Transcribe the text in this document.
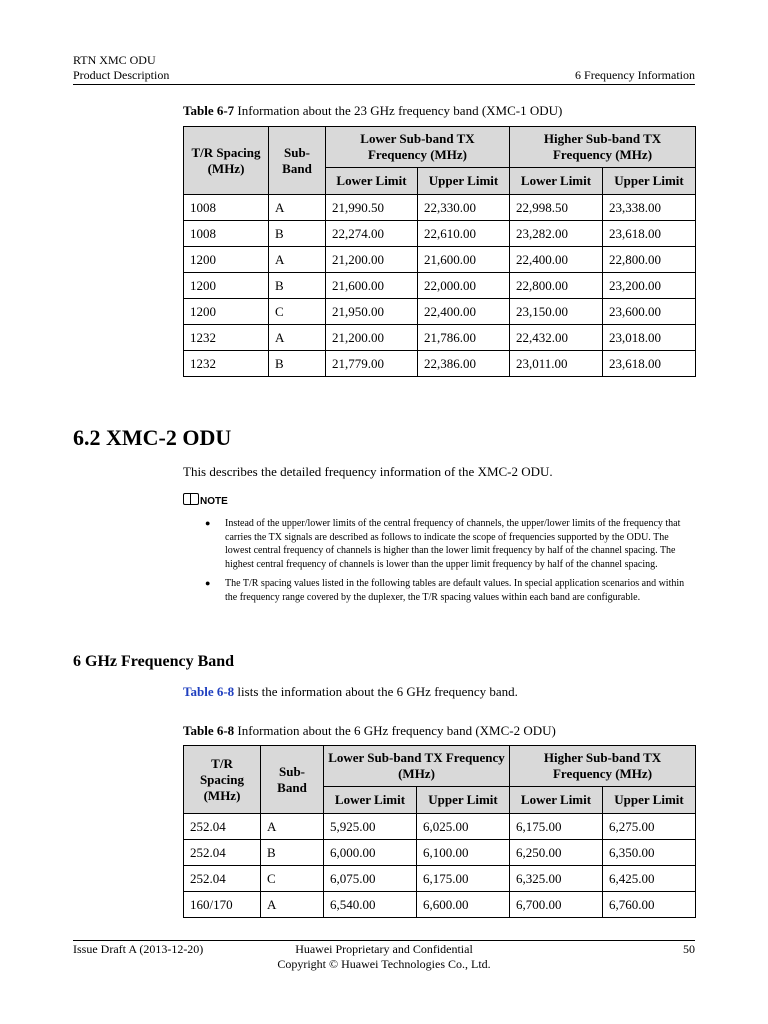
RTN XMC ODU
Product Description	6 Frequency Information
Table 6-7 Information about the 23 GHz frequency band (XMC-1 ODU)
T/R Spacing (MHz)	Sub-Band	Lower Sub-band TX Frequency (MHz)		Higher Sub-band TX Frequency (MHz)	
		Lower Limit	Upper Limit	Lower Limit	Upper Limit
1008	A	21,990.50	22,330.00	22,998.50	23,338.00
1008	B	22,274.00	22,610.00	23,282.00	23,618.00
1200	A	21,200.00	21,600.00	22,400.00	22,800.00
1200	B	21,600.00	22,000.00	22,800.00	23,200.00
1200	C	21,950.00	22,400.00	23,150.00	23,600.00
1232	A	21,200.00	21,786.00	22,432.00	23,018.00
1232	B	21,779.00	22,386.00	23,011.00	23,618.00
6.2 XMC-2 ODU
This describes the detailed frequency information of the XMC-2 ODU.
NOTE
● Instead of the upper/lower limits of the central frequency of channels, the upper/lower limits of the frequency that carries the TX signals are described as follows to indicate the scope of frequencies supported by the ODU. The lowest central frequency of channels is higher than the lower limit frequency by half of the channel spacing. The highest central frequency of channels is lower than the upper limit frequency by half of the channel spacing.
● The T/R spacing values listed in the following tables are default values. In special application scenarios and within the frequency range covered by the duplexer, the T/R spacing values within each band are configurable.
6 GHz Frequency Band
Table 6-8 lists the information about the 6 GHz frequency band.
Table 6-8 Information about the 6 GHz frequency band (XMC-2 ODU)
T/R Spacing (MHz)	Sub-Band	Lower Sub-band TX Frequency (MHz)		Higher Sub-band TX Frequency (MHz)	
		Lower Limit	Upper Limit	Lower Limit	Upper Limit
252.04	A	5,925.00	6,025.00	6,175.00	6,275.00
252.04	B	6,000.00	6,100.00	6,250.00	6,350.00
252.04	C	6,075.00	6,175.00	6,325.00	6,425.00
160/170	A	6,540.00	6,600.00	6,700.00	6,760.00
Issue Draft A (2013-12-20)	Huawei Proprietary and Confidential
Copyright © Huawei Technologies Co., Ltd.
50
